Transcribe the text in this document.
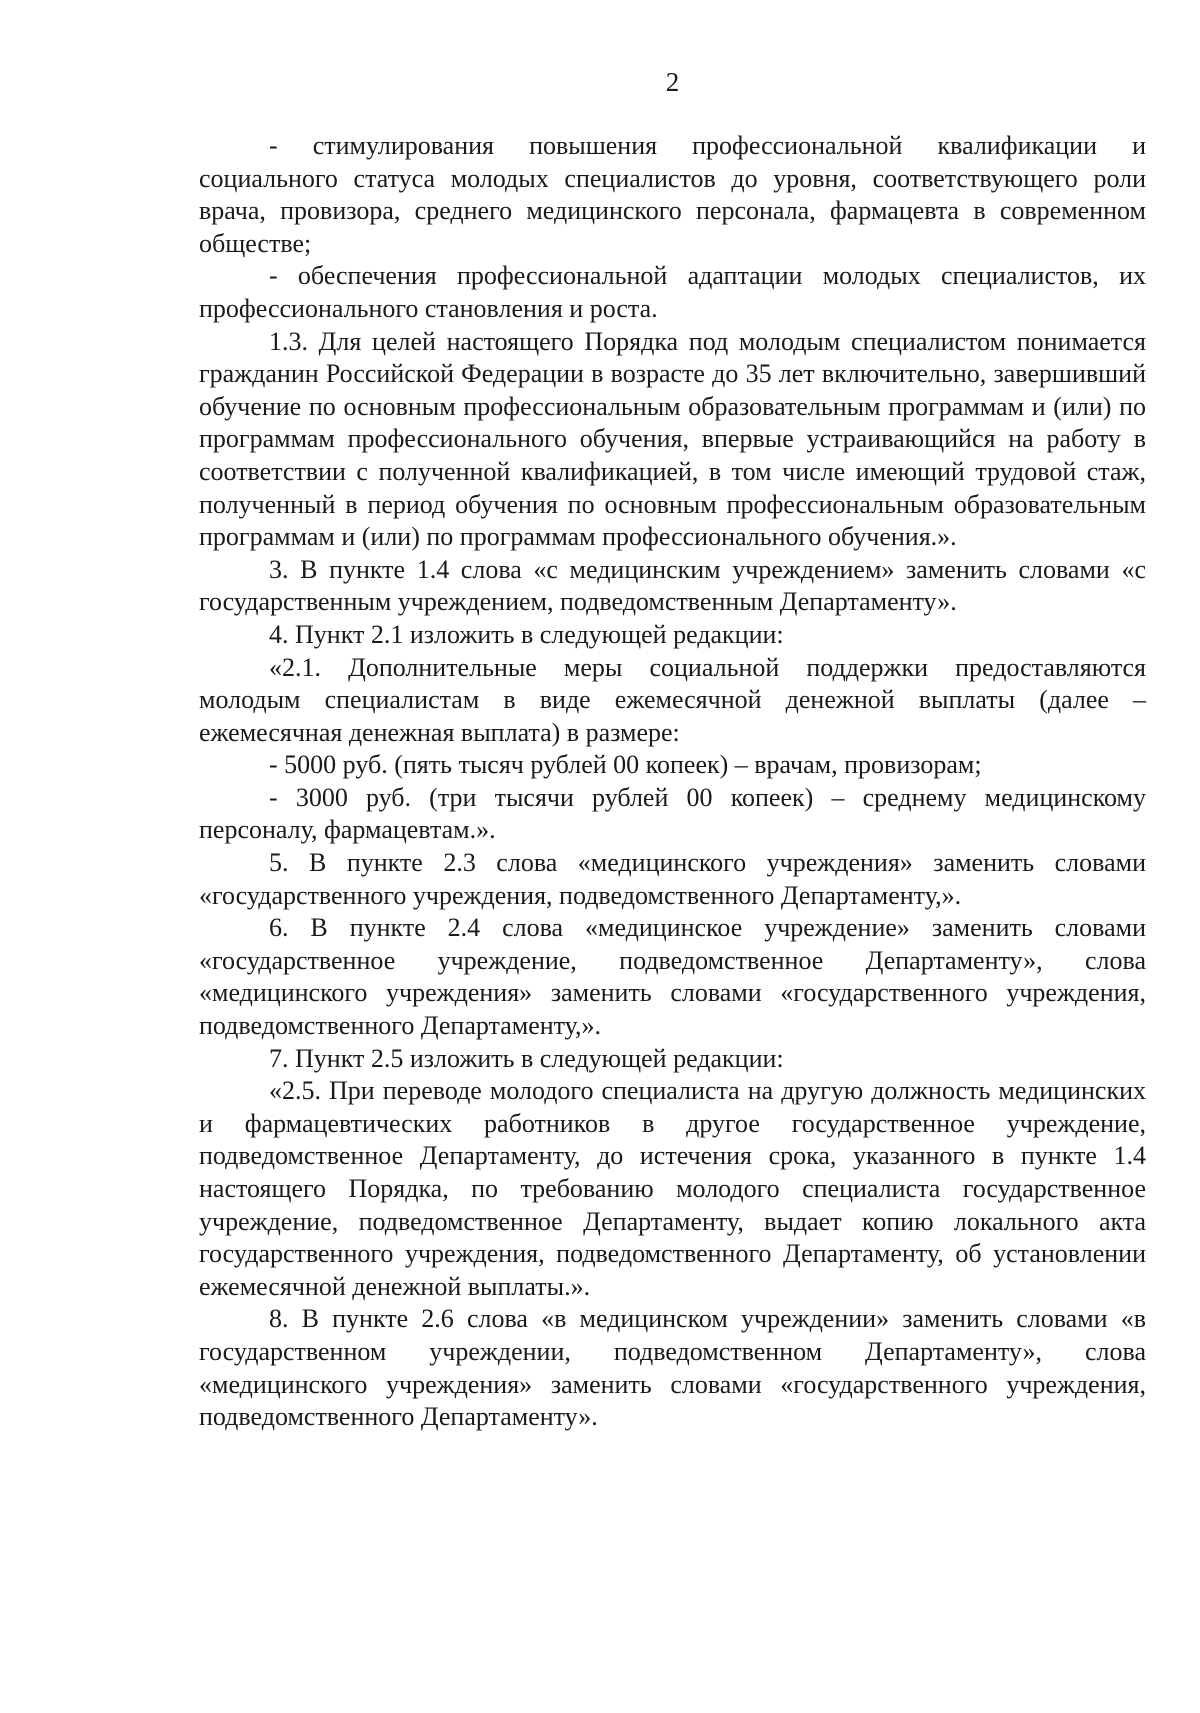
2

- стимулирования повышения профессиональной квалификации и социального статуса молодых специалистов до уровня, соответствующего роли врача, провизора, среднего медицинского персонала, фармацевта в современном обществе;

- обеспечения профессиональной адаптации молодых специалистов, их профессионального становления и роста.

1.3. Для целей настоящего Порядка под молодым специалистом понимается гражданин Российской Федерации в возрасте до 35 лет включительно, завершивший обучение по основным профессиональным образовательным программам и (или) по программам профессионального обучения, впервые устраивающийся на работу в соответствии с полученной квалификацией, в том числе имеющий трудовой стаж, полученный в период обучения по основным профессиональным образовательным программам и (или) по программам профессионального обучения.».

3. В пункте 1.4 слова «с медицинским учреждением» заменить словами «с государственным учреждением, подведомственным Департаменту».

4. Пункт 2.1 изложить в следующей редакции:

«2.1. Дополнительные меры социальной поддержки предоставляются молодым специалистам в виде ежемесячной денежной выплаты (далее – ежемесячная денежная выплата) в размере:

- 5000 руб. (пять тысяч рублей 00 копеек) – врачам, провизорам;

- 3000 руб. (три тысячи рублей 00 копеек) – среднему медицинскому персоналу, фармацевтам.».

5. В пункте 2.3 слова «медицинского учреждения» заменить словами «государственного учреждения, подведомственного Департаменту,».

6. В пункте 2.4 слова «медицинское учреждение» заменить словами «государственное учреждение, подведомственное Департаменту», слова «медицинского учреждения» заменить словами «государственного учреждения, подведомственного Департаменту,».

7. Пункт 2.5 изложить в следующей редакции:

«2.5. При переводе молодого специалиста на другую должность медицинских и фармацевтических работников в другое государственное учреждение, подведомственное Департаменту, до истечения срока, указанного в пункте 1.4 настоящего Порядка, по требованию молодого специалиста государственное учреждение, подведомственное Департаменту, выдает копию локального акта государственного учреждения, подведомственного Департаменту, об установлении ежемесячной денежной выплаты.».

8. В пункте 2.6 слова «в медицинском учреждении» заменить словами «в государственном учреждении, подведомственном Департаменту», слова «медицинского учреждения» заменить словами «государственного учреждения, подведомственного Департаменту».
